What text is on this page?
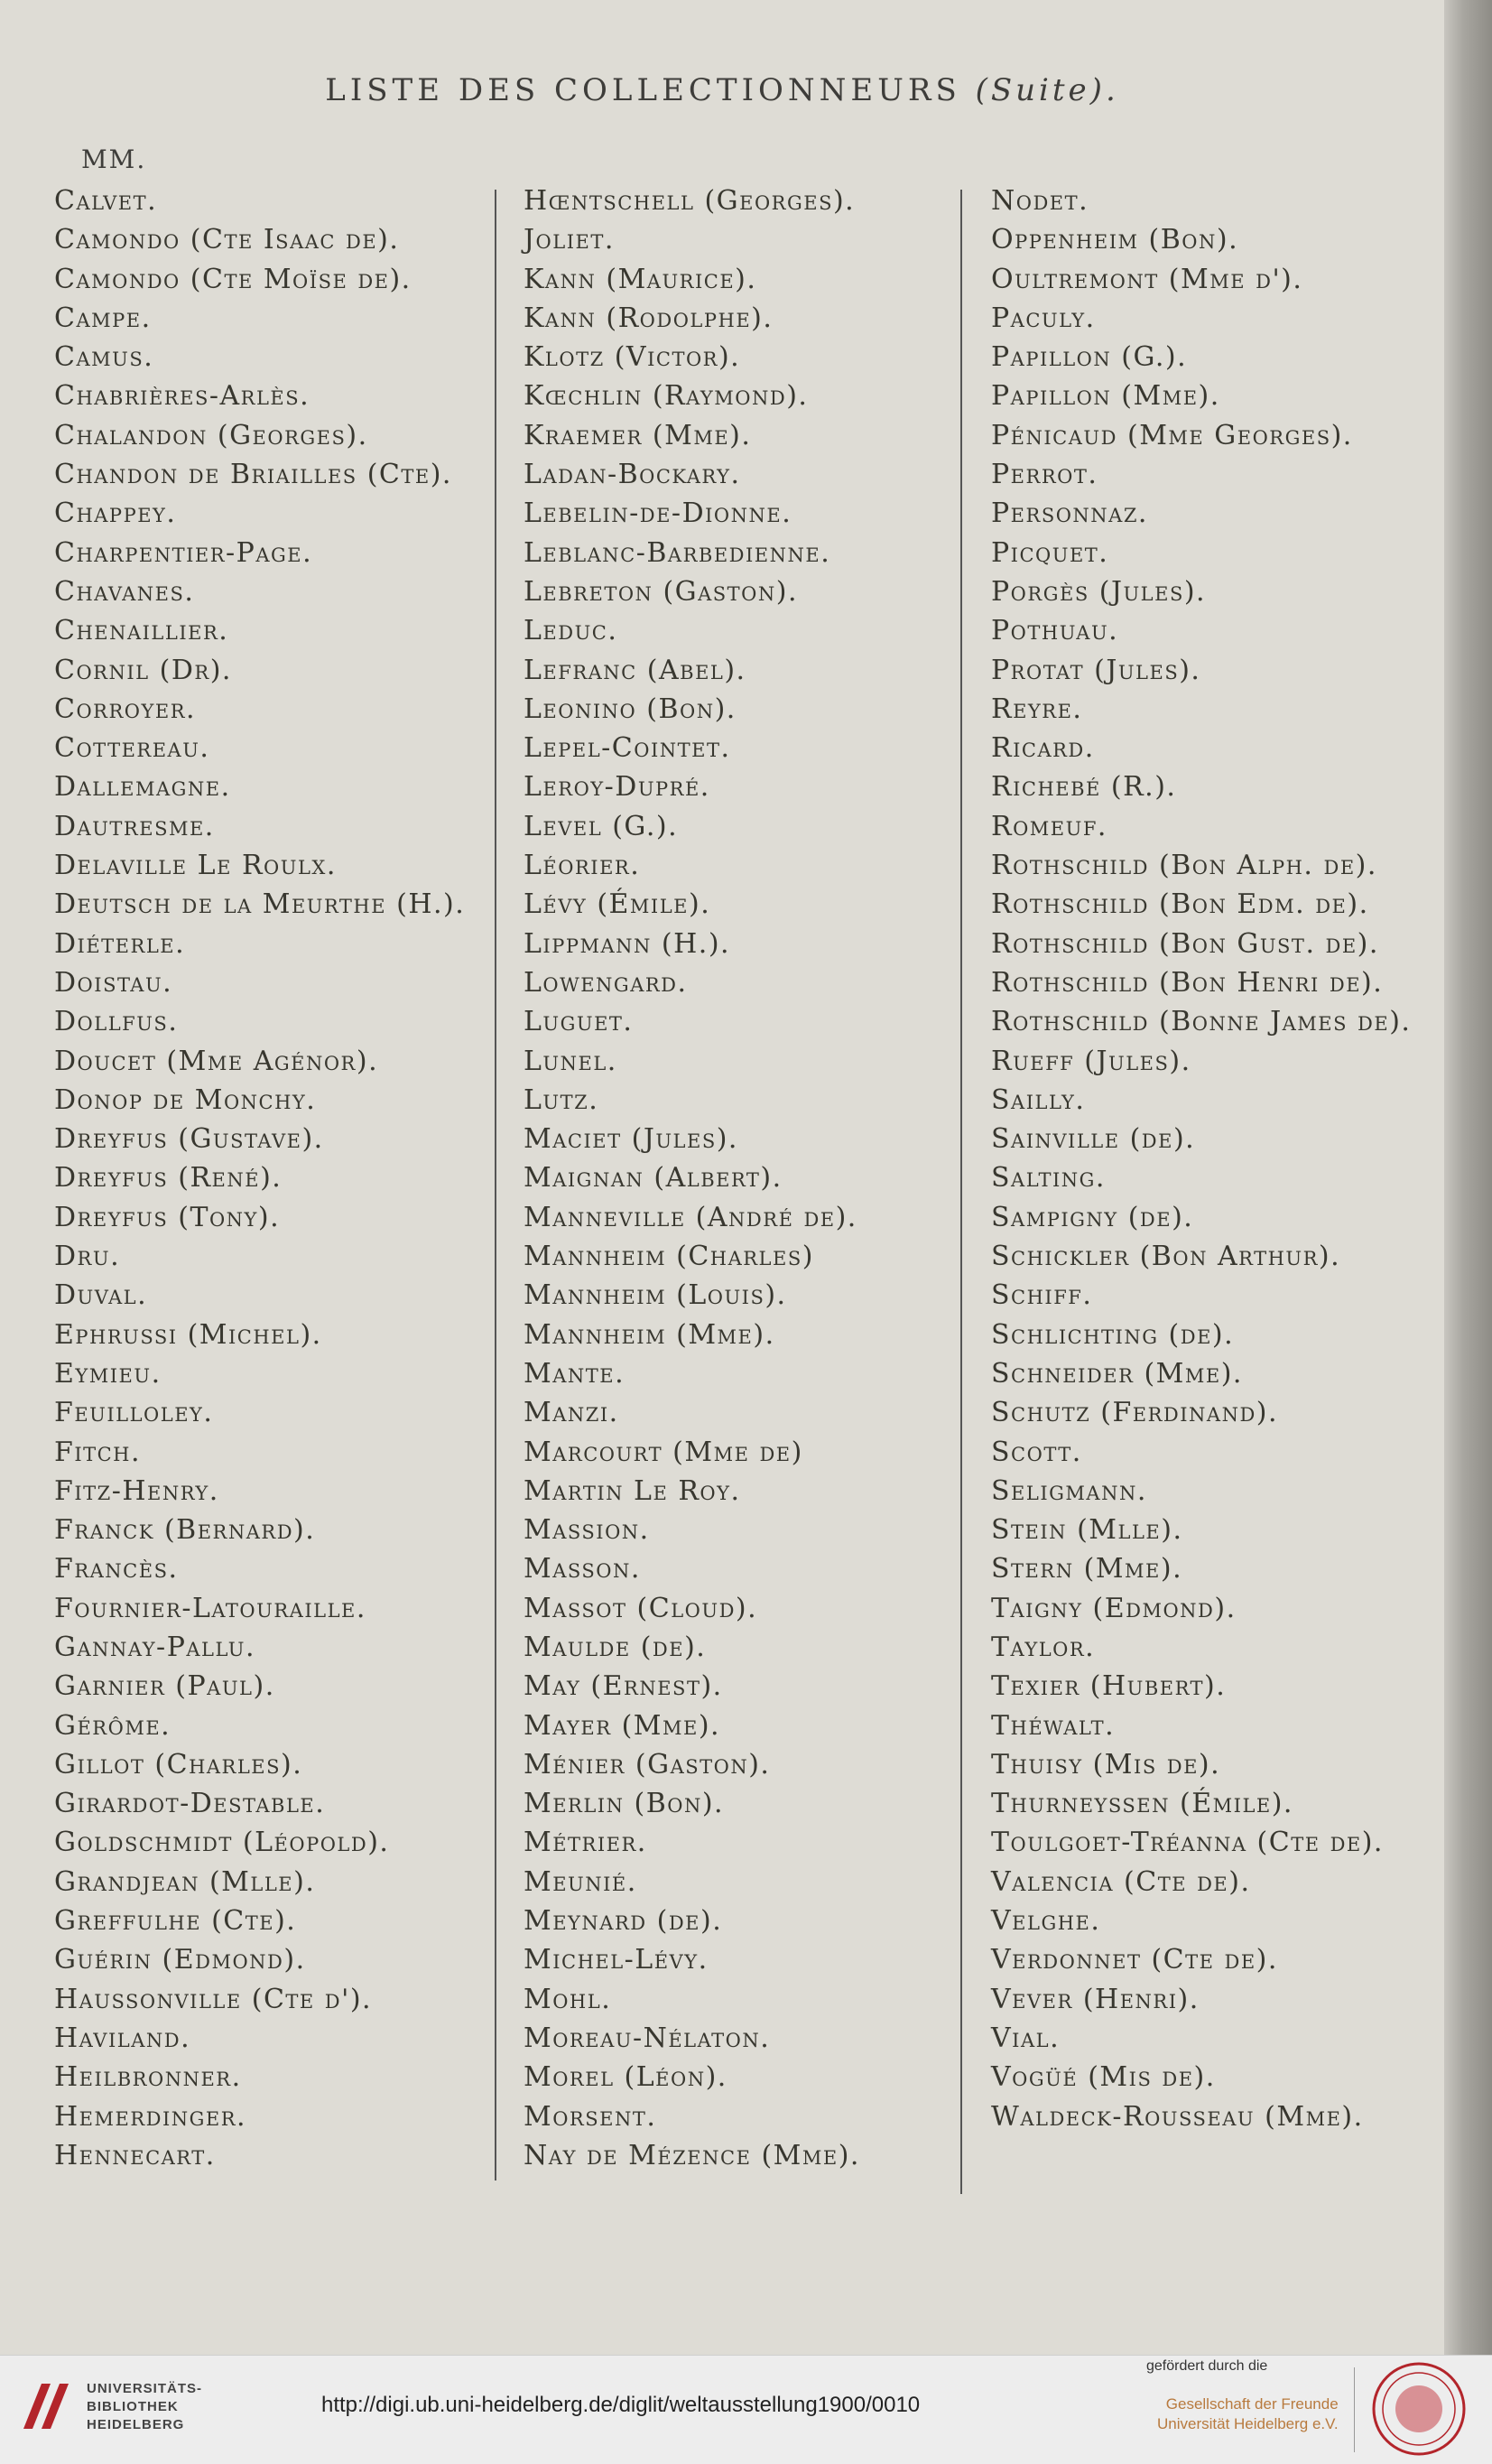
LISTE DES COLLECTIONNEURS (Suite).
MM.
Calvet.
Camondo (Cte Isaac de).
Camondo (Cte Moïse de).
Campe.
Camus.
Chabrières-Arlès.
Chalandon (Georges).
Chandon de Briailles (Cte).
Chappey.
Charpentier-Page.
Chavanes.
Chenaillier.
Cornil (Dr).
Corroyer.
Cottereau.
Dallemagne.
Dautresme.
Delaville Le Roulx.
Deutsch de la Meurthe (H.).
Diéterle.
Doistau.
Dollfus.
Doucet (Mme Agénor).
Donop de Monchy.
Dreyfus (Gustave).
Dreyfus (René).
Dreyfus (Tony).
Dru.
Duval.
Ephrussi (Michel).
Eymieu.
Feuilloley.
Fitch.
Fitz-Henry.
Franck (Bernard).
Francès.
Fournier-Latouraille.
Gannay-Pallu.
Garnier (Paul).
Gérôme.
Gillot (Charles).
Girardot-Destable.
Goldschmidt (Léopold).
Grandjean (Mlle).
Greffulhe (Cte).
Guérin (Edmond).
Haussonville (Cte d').
Haviland.
Heilbronner.
Hemerdinger.
Hennecart.
Hœntschell (Georges).
Joliet.
Kann (Maurice).
Kann (Rodolphe).
Klotz (Victor).
Kœchlin (Raymond).
Kraemer (Mme).
Ladan-Bockary.
Lebelin-de-Dionne.
Leblanc-Barbedienne.
Lebreton (Gaston).
Leduc.
Lefranc (Abel).
Leonino (Bon).
Lepel-Cointet.
Leroy-Dupré.
Level (G.).
Léorier.
Lévy (Émile).
Lippmann (H.).
Lowengard.
Luguet.
Lunel.
Lutz.
Maciet (Jules).
Maignan (Albert).
Manneville (André de).
Mannheim (Charles)
Mannheim (Louis).
Mannheim (Mme).
Mante.
Manzi.
Marcourt (Mme de)
Martin Le Roy.
Massion.
Masson.
Massot (Cloud).
Maulde (de).
May (Ernest).
Mayer (Mme).
Ménier (Gaston).
Merlin (Bon).
Métrier.
Meunié.
Meynard (de).
Michel-Lévy.
Mohl.
Moreau-Nélaton.
Morel (Léon).
Morsent.
Nay de Mézence (Mme).
Nodet.
Oppenheim (Bon).
Oultremont (Mme d').
Paculy.
Papillon (G.).
Papillon (Mme).
Pénicaud (Mme Georges).
Perrot.
Personnaz.
Picquet.
Porgès (Jules).
Pothuau.
Protat (Jules).
Reyre.
Ricard.
Richebé (R.).
Romeuf.
Rothschild (Bon Alph. de).
Rothschild (Bon Edm. de).
Rothschild (Bon Gust. de).
Rothschild (Bon Henri de).
Rothschild (Bonne James de).
Rueff (Jules).
Sailly.
Sainville (de).
Salting.
Sampigny (de).
Schickler (Bon Arthur).
Schiff.
Schlichting (de).
Schneider (Mme).
Schutz (Ferdinand).
Scott.
Seligmann.
Stein (Mlle).
Stern (Mme).
Taigny (Edmond).
Taylor.
Texier (Hubert).
Théwalt.
Thuisy (Mis de).
Thurneyssen (Émile).
Toulgoet-Tréanna (Cte de).
Valencia (Cte de).
Velghe.
Verdonnet (Cte de).
Vever (Henri).
Vial.
Vogüé (Mis de).
Waldeck-Rousseau (Mme).
UNIVERSITÄTS-
BIBLIOTHEK
HEIDELBERG
http://digi.ub.uni-heidelberg.de/diglit/weltausstellung1900/0010
gefördert durch die
Gesellschaft der Freunde
Universität Heidelberg e.V.
